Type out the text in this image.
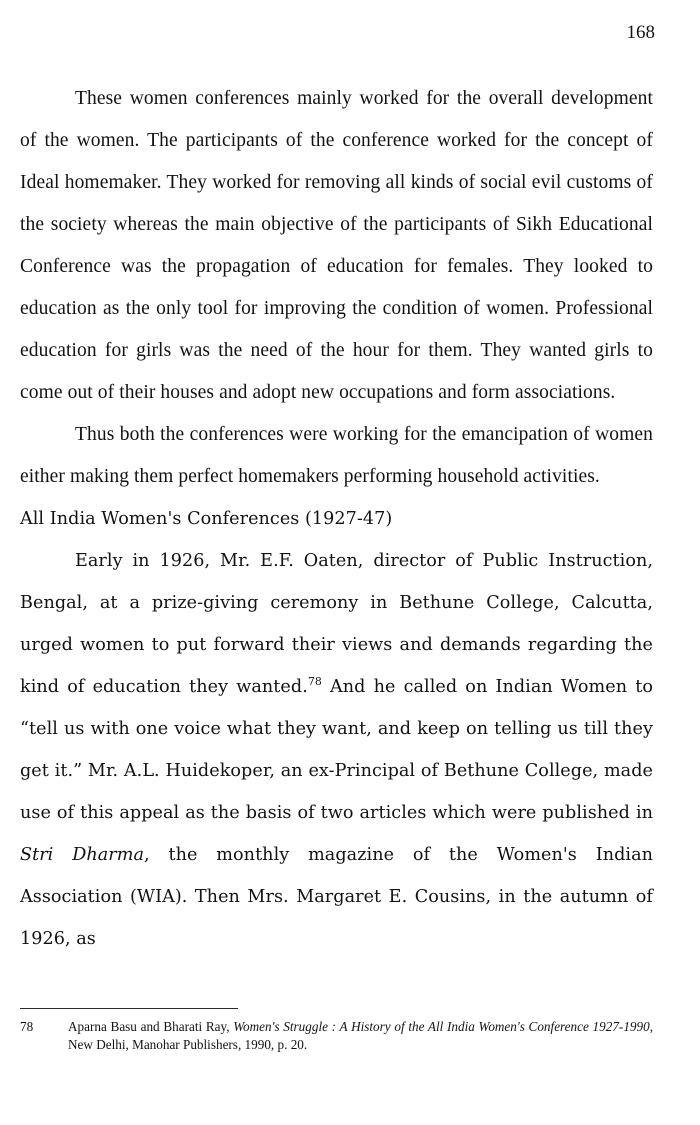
168

These women conferences mainly worked for the overall development of the women. The participants of the conference worked for the concept of Ideal homemaker. They worked for removing all kinds of social evil customs of the society whereas the main objective of the participants of Sikh Educational Conference was the propagation of education for females. They looked to education as the only tool for improving the condition of women. Professional education for girls was the need of the hour for them. They wanted girls to come out of their houses and adopt new occupations and form associations.

Thus both the conferences were working for the emancipation of women either making them perfect homemakers performing household activities.

All India Women's Conferences (1927-47)

Early in 1926, Mr. E.F. Oaten, director of Public Instruction, Bengal, at a prize-giving ceremony in Bethune College, Calcutta, urged women to put forward their views and demands regarding the kind of education they wanted.$^{78}$ And he called on Indian Women to “tell us with one voice what they want, and keep on telling us till they get it.” Mr. A.L. Huidekoper, an ex-Principal of Bethune College, made use of this appeal as the basis of two articles which were published in Stri Dharma, the monthly magazine of the Women's Indian Association (WIA). Then Mrs. Margaret E. Cousins, in the autumn of 1926, as

78	Aparna Basu and Bharati Ray, Women's Struggle : A History of the All India Women's Conference 1927-1990, New Delhi, Manohar Publishers, 1990, p. 20.
